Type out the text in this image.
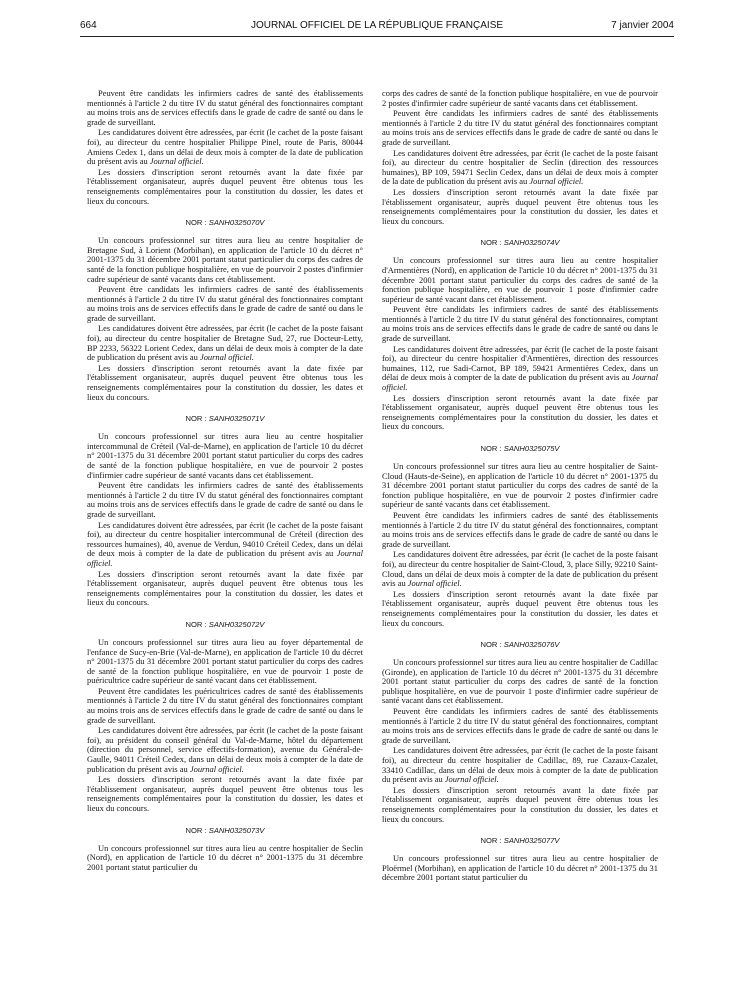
664	JOURNAL OFFICIEL DE LA RÉPUBLIQUE FRANÇAISE	7 janvier 2004

Peuvent être candidats les infirmiers cadres de santé des établissements mentionnés à l'article 2 du titre IV du statut général des fonctionnaires comptant au moins trois ans de services effectifs dans le grade de cadre de santé ou dans le grade de surveillant.

Les candidatures doivent être adressées, par écrit (le cachet de la poste faisant foi), au directeur du centre hospitalier Philippe Pinel, route de Paris, 80044 Amiens Cedex 1, dans un délai de deux mois à compter de la date de publication du présent avis au Journal officiel.

Les dossiers d'inscription seront retournés avant la date fixée par l'établissement organisateur, auprès duquel peuvent être obtenus tous les renseignements complémentaires pour la constitution du dossier, les dates et lieux du concours.

NOR : SANH0325070V

Un concours professionnel sur titres aura lieu au centre hospitalier de Bretagne Sud, à Lorient (Morbihan), en application de l'article 10 du décret n° 2001-1375 du 31 décembre 2001 portant statut particulier du corps des cadres de santé de la fonction publique hospitalière, en vue de pourvoir 2 postes d'infirmier cadre supérieur de santé vacants dans cet établissement.

Peuvent être candidats les infirmiers cadres de santé des établissements mentionnés à l'article 2 du titre IV du statut général des fonctionnaires comptant au moins trois ans de services effectifs dans le grade de cadre de santé ou dans le grade de surveillant.

Les candidatures doivent être adressées, par écrit (le cachet de la poste faisant foi), au directeur du centre hospitalier de Bretagne Sud, 27, rue Docteur-Letty, BP 2233, 56322 Lorient Cedex, dans un délai de deux mois à compter de la date de publication du présent avis au Journal officiel.

Les dossiers d'inscription seront retournés avant la date fixée par l'établissement organisateur, auprès duquel peuvent être obtenus tous les renseignements complémentaires pour la constitution du dossier, les dates et lieux du concours.

NOR : SANH0325071V

Un concours professionnel sur titres aura lieu au centre hospitalier intercommunal de Créteil (Val-de-Marne), en application de l'article 10 du décret n° 2001-1375 du 31 décembre 2001 portant statut particulier du corps des cadres de santé de la fonction publique hospitalière, en vue de pourvoir 2 postes d'infirmier cadre supérieur de santé vacants dans cet établissement.

Peuvent être candidats les infirmiers cadres de santé des établissements mentionnés à l'article 2 du titre IV du statut général des fonctionnaires comptant au moins trois ans de services effectifs dans le grade de cadre de santé ou dans le grade de surveillant.

Les candidatures doivent être adressées, par écrit (le cachet de la poste faisant foi), au directeur du centre hospitalier intercommunal de Créteil (direction des ressources humaines), 40, avenue de Verdun, 94010 Créteil Cedex, dans un délai de deux mois à compter de la date de publication du présent avis au Journal officiel.

Les dossiers d'inscription seront retournés avant la date fixée par l'établissement organisateur, auprès duquel peuvent être obtenus tous les renseignements complémentaires pour la constitution du dossier, les dates et lieux du concours.

NOR : SANH0325072V

Un concours professionnel sur titres aura lieu au foyer départemental de l'enfance de Sucy-en-Brie (Val-de-Marne), en application de l'article 10 du décret n° 2001-1375 du 31 décembre 2001 portant statut particulier du corps des cadres de santé de la fonction publique hospitalière, en vue de pourvoir 1 poste de puéricultrice cadre supérieur de santé vacant dans cet établissement.

Peuvent être candidates les puéricultrices cadres de santé des établissements mentionnés à l'article 2 du titre IV du statut général des fonctionnaires comptant au moins trois ans de services effectifs dans le grade de cadre de santé ou dans le grade de surveillant.

Les candidatures doivent être adressées, par écrit (le cachet de la poste faisant foi), au président du conseil général du Val-de-Marne, hôtel du département (direction du personnel, service effectifs-formation), avenue du Général-de-Gaulle, 94011 Créteil Cedex, dans un délai de deux mois à compter de la date de publication du présent avis au Journal officiel.

Les dossiers d'inscription seront retournés avant la date fixée par l'établissement organisateur, auprès duquel peuvent être obtenus tous les renseignements complémentaires pour la constitution du dossier, les dates et lieux du concours.

NOR : SANH0325073V

Un concours professionnel sur titres aura lieu au centre hospitalier de Seclin (Nord), en application de l'article 10 du décret n° 2001-1375 du 31 décembre 2001 portant statut particulier du

corps des cadres de santé de la fonction publique hospitalière, en vue de pourvoir 2 postes d'infirmier cadre supérieur de santé vacants dans cet établissement.

Peuvent être candidats les infirmiers cadres de santé des établissements mentionnés à l'article 2 du titre IV du statut général des fonctionnaires comptant au moins trois ans de services effectifs dans le grade de cadre de santé ou dans le grade de surveillant.

Les candidatures doivent être adressées, par écrit (le cachet de la poste faisant foi), au directeur du centre hospitalier de Seclin (direction des ressources humaines), BP 109, 59471 Seclin Cedex, dans un délai de deux mois à compter de la date de publication du présent avis au Journal officiel.

Les dossiers d'inscription seront retournés avant la date fixée par l'établissement organisateur, auprès duquel peuvent être obtenus tous les renseignements complémentaires pour la constitution du dossier, les dates et lieux du concours.

NOR : SANH0325074V

Un concours professionnel sur titres aura lieu au centre hospitalier d'Armentières (Nord), en application de l'article 10 du décret n° 2001-1375 du 31 décembre 2001 portant statut particulier du corps des cadres de santé de la fonction publique hospitalière, en vue de pourvoir 1 poste d'infirmier cadre supérieur de santé vacant dans cet établissement.

Peuvent être candidats les infirmiers cadres de santé des établissements mentionnés à l'article 2 du titre IV du statut général des fonctionnaires, comptant au moins trois ans de services effectifs dans le grade de cadre de santé ou dans le grade de surveillant.

Les candidatures doivent être adressées, par écrit (le cachet de la poste faisant foi), au directeur du centre hospitalier d'Armentières, direction des ressources humaines, 112, rue Sadi-Carnot, BP 189, 59421 Armentières Cedex, dans un délai de deux mois à compter de la date de publication du présent avis au Journal officiel.

Les dossiers d'inscription seront retournés avant la date fixée par l'établissement organisateur, auprès duquel peuvent être obtenus tous les renseignements complémentaires pour la constitution du dossier, les dates et lieux du concours.

NOR : SANH0325075V

Un concours professionnel sur titres aura lieu au centre hospitalier de Saint-Cloud (Hauts-de-Seine), en application de l'article 10 du décret n° 2001-1375 du 31 décembre 2001 portant statut particulier du corps des cadres de santé de la fonction publique hospitalière, en vue de pourvoir 2 postes d'infirmier cadre supérieur de santé vacants dans cet établissement.

Peuvent être candidats les infirmiers cadres de santé des établissements mentionnés à l'article 2 du titre IV du statut général des fonctionnaires, comptant au moins trois ans de services effectifs dans le grade de cadre de santé ou dans le grade de surveillant.

Les candidatures doivent être adressées, par écrit (le cachet de la poste faisant foi), au directeur du centre hospitalier de Saint-Cloud, 3, place Silly, 92210 Saint-Cloud, dans un délai de deux mois à compter de la date de publication du présent avis au Journal officiel.

Les dossiers d'inscription seront retournés avant la date fixée par l'établissement organisateur, auprès duquel peuvent être obtenus tous les renseignements complémentaires pour la constitution du dossier, les dates et lieux du concours.

NOR : SANH0325076V

Un concours professionnel sur titres aura lieu au centre hospitalier de Cadillac (Gironde), en application de l'article 10 du décret n° 2001-1375 du 31 décembre 2001 portant statut particulier du corps des cadres de santé de la fonction publique hospitalière, en vue de pourvoir 1 poste d'infirmier cadre supérieur de santé vacant dans cet établissement.

Peuvent être candidats les infirmiers cadres de santé des établissements mentionnés à l'article 2 du titre IV du statut général des fonctionnaires, comptant au moins trois ans de services effectifs dans le grade de cadre de santé ou dans le grade de surveillant.

Les candidatures doivent être adressées, par écrit (le cachet de la poste faisant foi), au directeur du centre hospitalier de Cadillac, 89, rue Cazaux-Cazalet, 33410 Cadillac, dans un délai de deux mois à compter de la date de publication du présent avis au Journal officiel.

Les dossiers d'inscription seront retournés avant la date fixée par l'établissement organisateur, auprès duquel peuvent être obtenus tous les renseignements complémentaires pour la constitution du dossier, les dates et lieux du concours.

NOR : SANH0325077V

Un concours professionnel sur titres aura lieu au centre hospitalier de Ploërmel (Morbihan), en application de l'article 10 du décret n° 2001-1375 du 31 décembre 2001 portant statut particulier du
